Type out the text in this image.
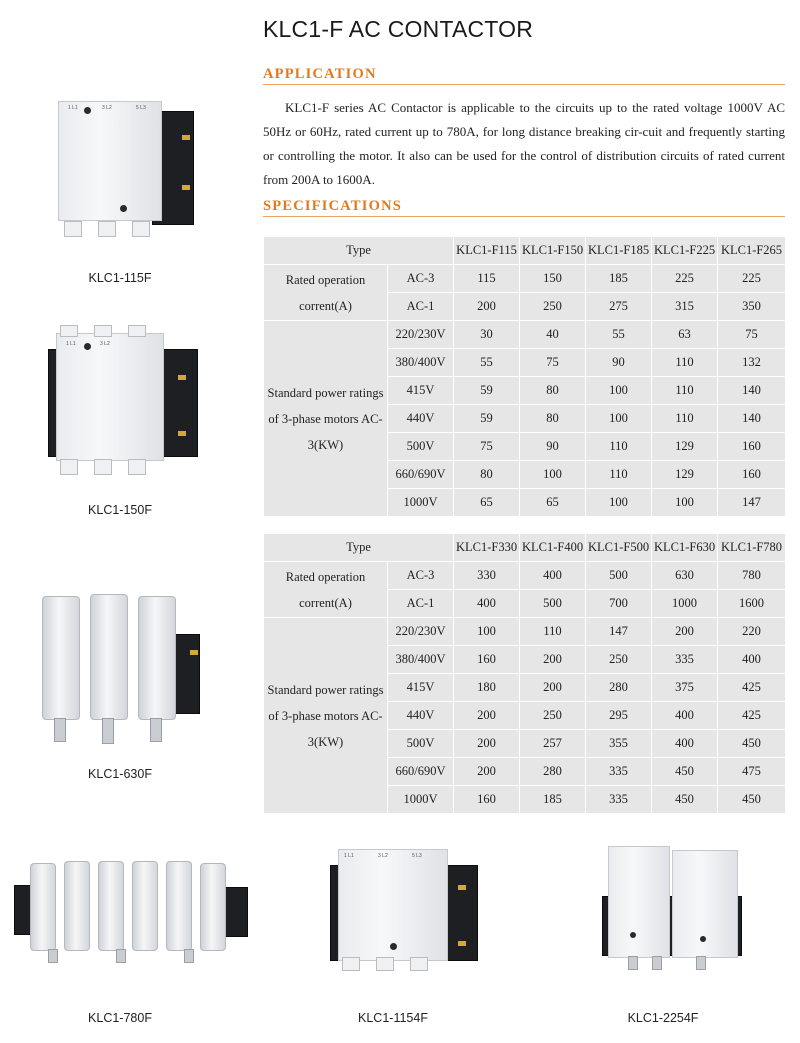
KLC1-F AC CONTACTOR
APPLICATION
KLC1-F series AC Contactor is applicable to the circuits up to the rated voltage 1000V AC 50Hz or 60Hz, rated current up to 780A, for long distance breaking cir-cuit and frequently starting or controlling the motor. It also can be used for the control of distribution circuits of rated current from 200A to 1600A.
SPECIFICATIONS
Type		KLC1-F115	KLC1-F150	KLC1-F185	KLC1-F225	KLC1-F265
Rated operation corrent(A)	AC-3	115	150	185	225	225
	AC-1	200	250	275	315	350
Standard power ratings of 3-phase motors AC-3(KW)	220/230V	30	40	55	63	75
	380/400V	55	75	90	110	132
	415V	59	80	100	110	140
	440V	59	80	100	110	140
	500V	75	90	110	129	160
	660/690V	80	100	110	129	160
	1000V	65	65	100	100	147
Type		KLC1-F330	KLC1-F400	KLC1-F500	KLC1-F630	KLC1-F780
Rated operation corrent(A)	AC-3	330	400	500	630	780
	AC-1	400	500	700	1000	1600
Standard power ratings of 3-phase motors AC-3(KW)	220/230V	100	110	147	200	220
	380/400V	160	200	250	335	400
	415V	180	200	280	375	425
	440V	200	250	295	400	425
	500V	200	257	355	400	450
	660/690V	200	280	335	450	475
	1000V	160	185	335	450	450
1 L1	3 L2	5 L3
KLC1-115F
1 L1	3 L2
KLC1-150F
KLC1-630F
KLC1-780F
1 L1	3 L2	5 L3
KLC1-1154F	KLC1-2254F
